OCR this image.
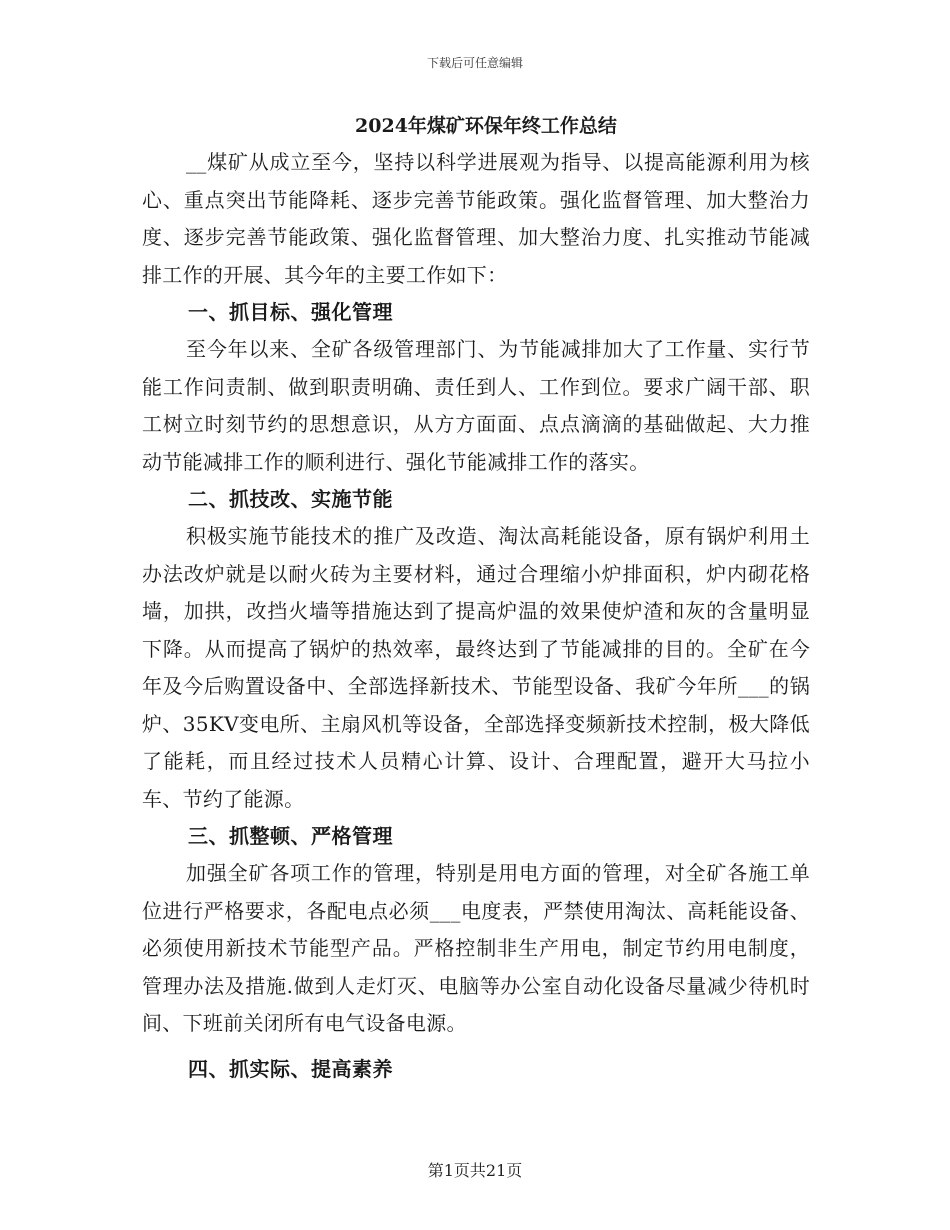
下载后可任意编辑
2024年煤矿环保年终工作总结

__煤矿从成立至今，坚持以科学进展观为指导、以提高能源利用为核心、重点突出节能降耗、逐步完善节能政策。强化监督管理、加大整治力度、逐步完善节能政策、强化监督管理、加大整治力度、扎实推动节能减排工作的开展、其今年的主要工作如下：

一、抓目标、强化管理

至今年以来、全矿各级管理部门、为节能减排加大了工作量、实行节能工作问责制、做到职责明确、责任到人、工作到位。要求广阔干部、职工树立时刻节约的思想意识，从方方面面、点点滴滴的基础做起、大力推动节能减排工作的顺利进行、强化节能减排工作的落实。

二、抓技改、实施节能

积极实施节能技术的推广及改造、淘汰高耗能设备，原有锅炉利用土办法改炉就是以耐火砖为主要材料，通过合理缩小炉排面积，炉内砌花格墙，加拱，改挡火墙等措施达到了提高炉温的效果使炉渣和灰的含量明显下降。从而提高了锅炉的热效率，最终达到了节能减排的目的。全矿在今年及今后购置设备中、全部选择新技术、节能型设备、我矿今年所___的锅炉、35KV变电所、主扇风机等设备，全部选择变频新技术控制，极大降低了能耗，而且经过技术人员精心计算、设计、合理配置，避开大马拉小车、节约了能源。

三、抓整顿、严格管理

加强全矿各项工作的管理，特别是用电方面的管理，对全矿各施工单位进行严格要求，各配电点必须___电度表，严禁使用淘汰、高耗能设备、必须使用新技术节能型产品。严格控制非生产用电，制定节约用电制度，管理办法及措施.做到人走灯灭、电脑等办公室自动化设备尽量减少待机时间、下班前关闭所有电气设备电源。

四、抓实际、提高素养
第1页共21页
